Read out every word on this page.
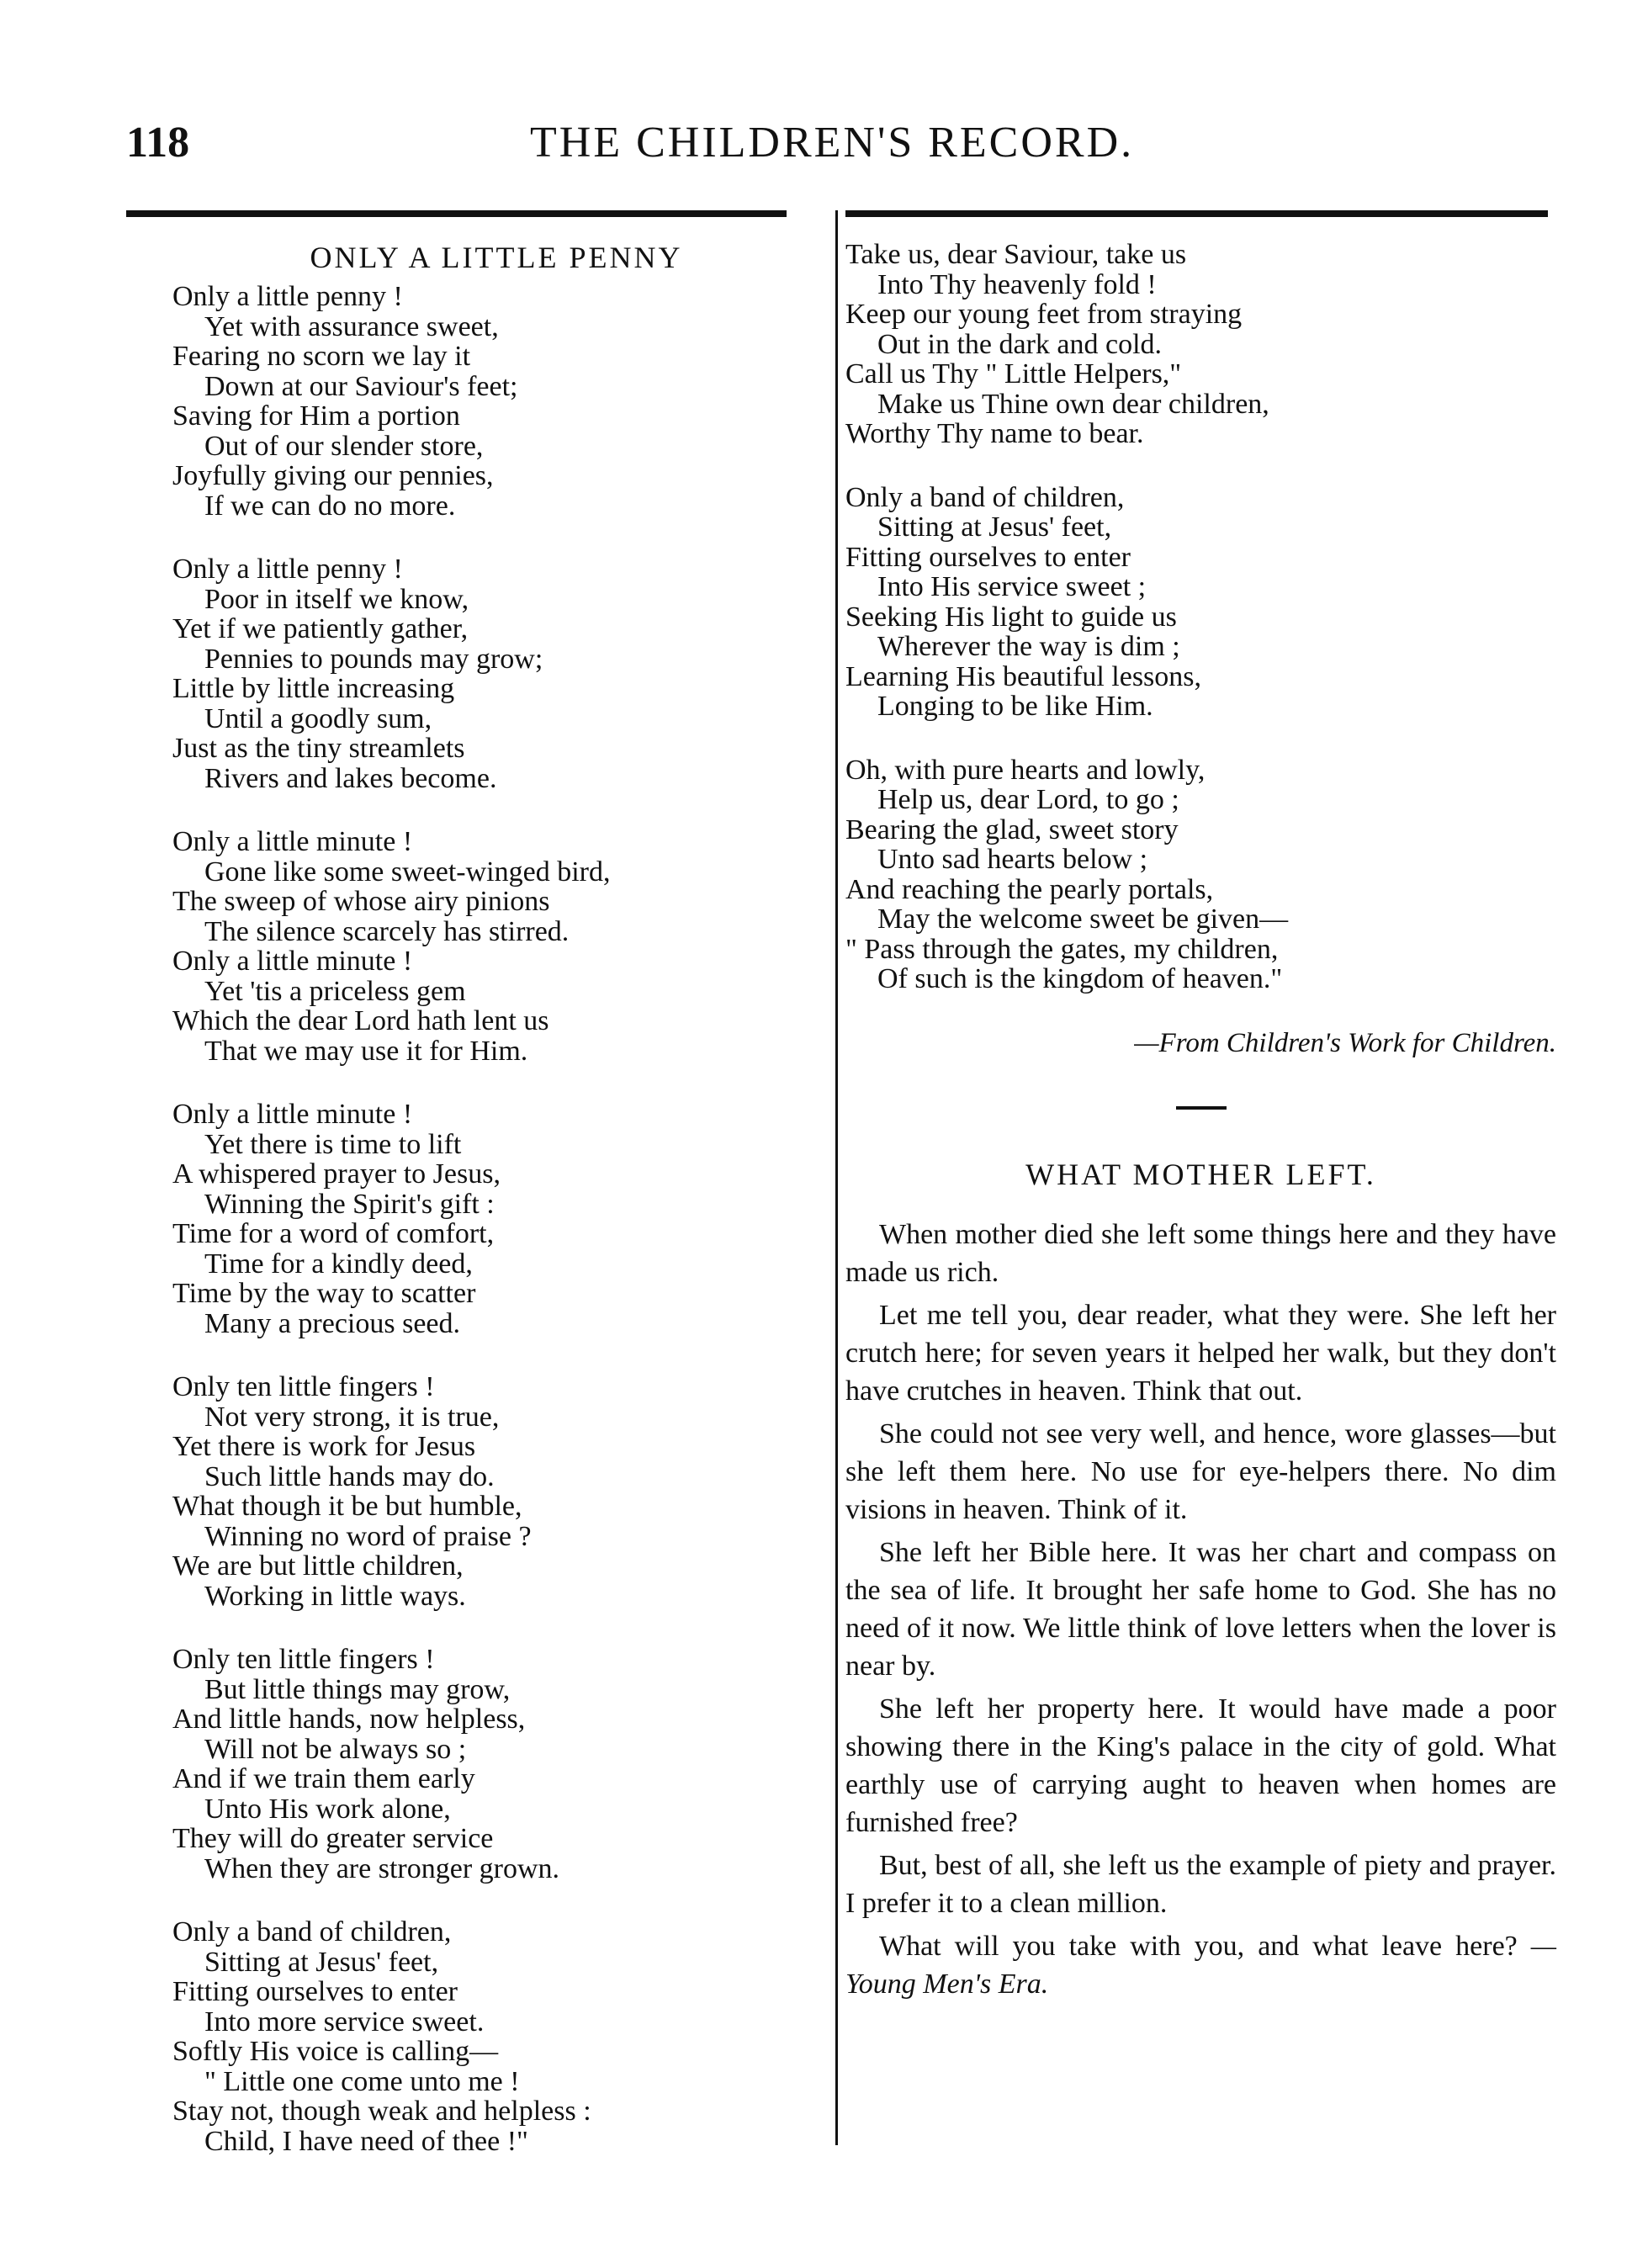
118	THE CHILDREN'S RECORD.
ONLY A LITTLE PENNY
Only a little penny !
Yet with assurance sweet,
Fearing no scorn we lay it
Down at our Saviour's feet;
Saving for Him a portion
Out of our slender store,
Joyfully giving our pennies,
If we can do no more.
Only a little penny !
Poor in itself we know,
Yet if we patiently gather,
Pennies to pounds may grow;
Little by little increasing
Until a goodly sum,
Just as the tiny streamlets
Rivers and lakes become.
Only a little minute !
Gone like some sweet-winged bird,
The sweep of whose airy pinions
The silence scarcely has stirred.
Only a little minute !
Yet 'tis a priceless gem
Which the dear Lord hath lent us
That we may use it for Him.
Only a little minute !
Yet there is time to lift
A whispered prayer to Jesus,
Winning the Spirit's gift :
Time for a word of comfort,
Time for a kindly deed,
Time by the way to scatter
Many a precious seed.
Only ten little fingers !
Not very strong, it is true,
Yet there is work for Jesus
Such little hands may do.
What though it be but humble,
Winning no word of praise ?
We are but little children,
Working in little ways.
Only ten little fingers !
But little things may grow,
And little hands, now helpless,
Will not be always so ;
And if we train them early
Unto His work alone,
They will do greater service
When they are stronger grown.
Only a band of children,
Sitting at Jesus' feet,
Fitting ourselves to enter
Into more service sweet.
Softly His voice is calling—
" Little one come unto me !
Stay not, though weak and helpless :
Child, I have need of thee !"
Take us, dear Saviour, take us
Into Thy heavenly fold !
Keep our young feet from straying
Out in the dark and cold.
Call us Thy " Little Helpers,"
Make us Thine own dear children,
Worthy Thy name to bear.
Only a band of children,
Sitting at Jesus' feet,
Fitting ourselves to enter
Into His service sweet ;
Seeking His light to guide us
Wherever the way is dim ;
Learning His beautiful lessons,
Longing to be like Him.
Oh, with pure hearts and lowly,
Help us, dear Lord, to go ;
Bearing the glad, sweet story
Unto sad hearts below ;
And reaching the pearly portals,
May the welcome sweet be given—
" Pass through the gates, my children,
Of such is the kingdom of heaven."
—From Children's Work for Children.
WHAT MOTHER LEFT.

When mother died she left some things here and they have made us rich.

Let me tell you, dear reader, what they were. She left her crutch here; for seven years it helped her walk, but they don't have crutches in heaven. Think that out.

She could not see very well, and hence, wore glasses—but she left them here. No use for eye-helpers there. No dim visions in heaven. Think of it.

She left her Bible here. It was her chart and compass on the sea of life. It brought her safe home to God. She has no need of it now. We little think of love letters when the lover is near by.

She left her property here. It would have made a poor showing there in the King's palace in the city of gold. What earthly use of carrying aught to heaven when homes are furnished free?

But, best of all, she left us the example of piety and prayer. I prefer it to a clean million.

What will you take with you, and what leave here? —Young Men's Era.
